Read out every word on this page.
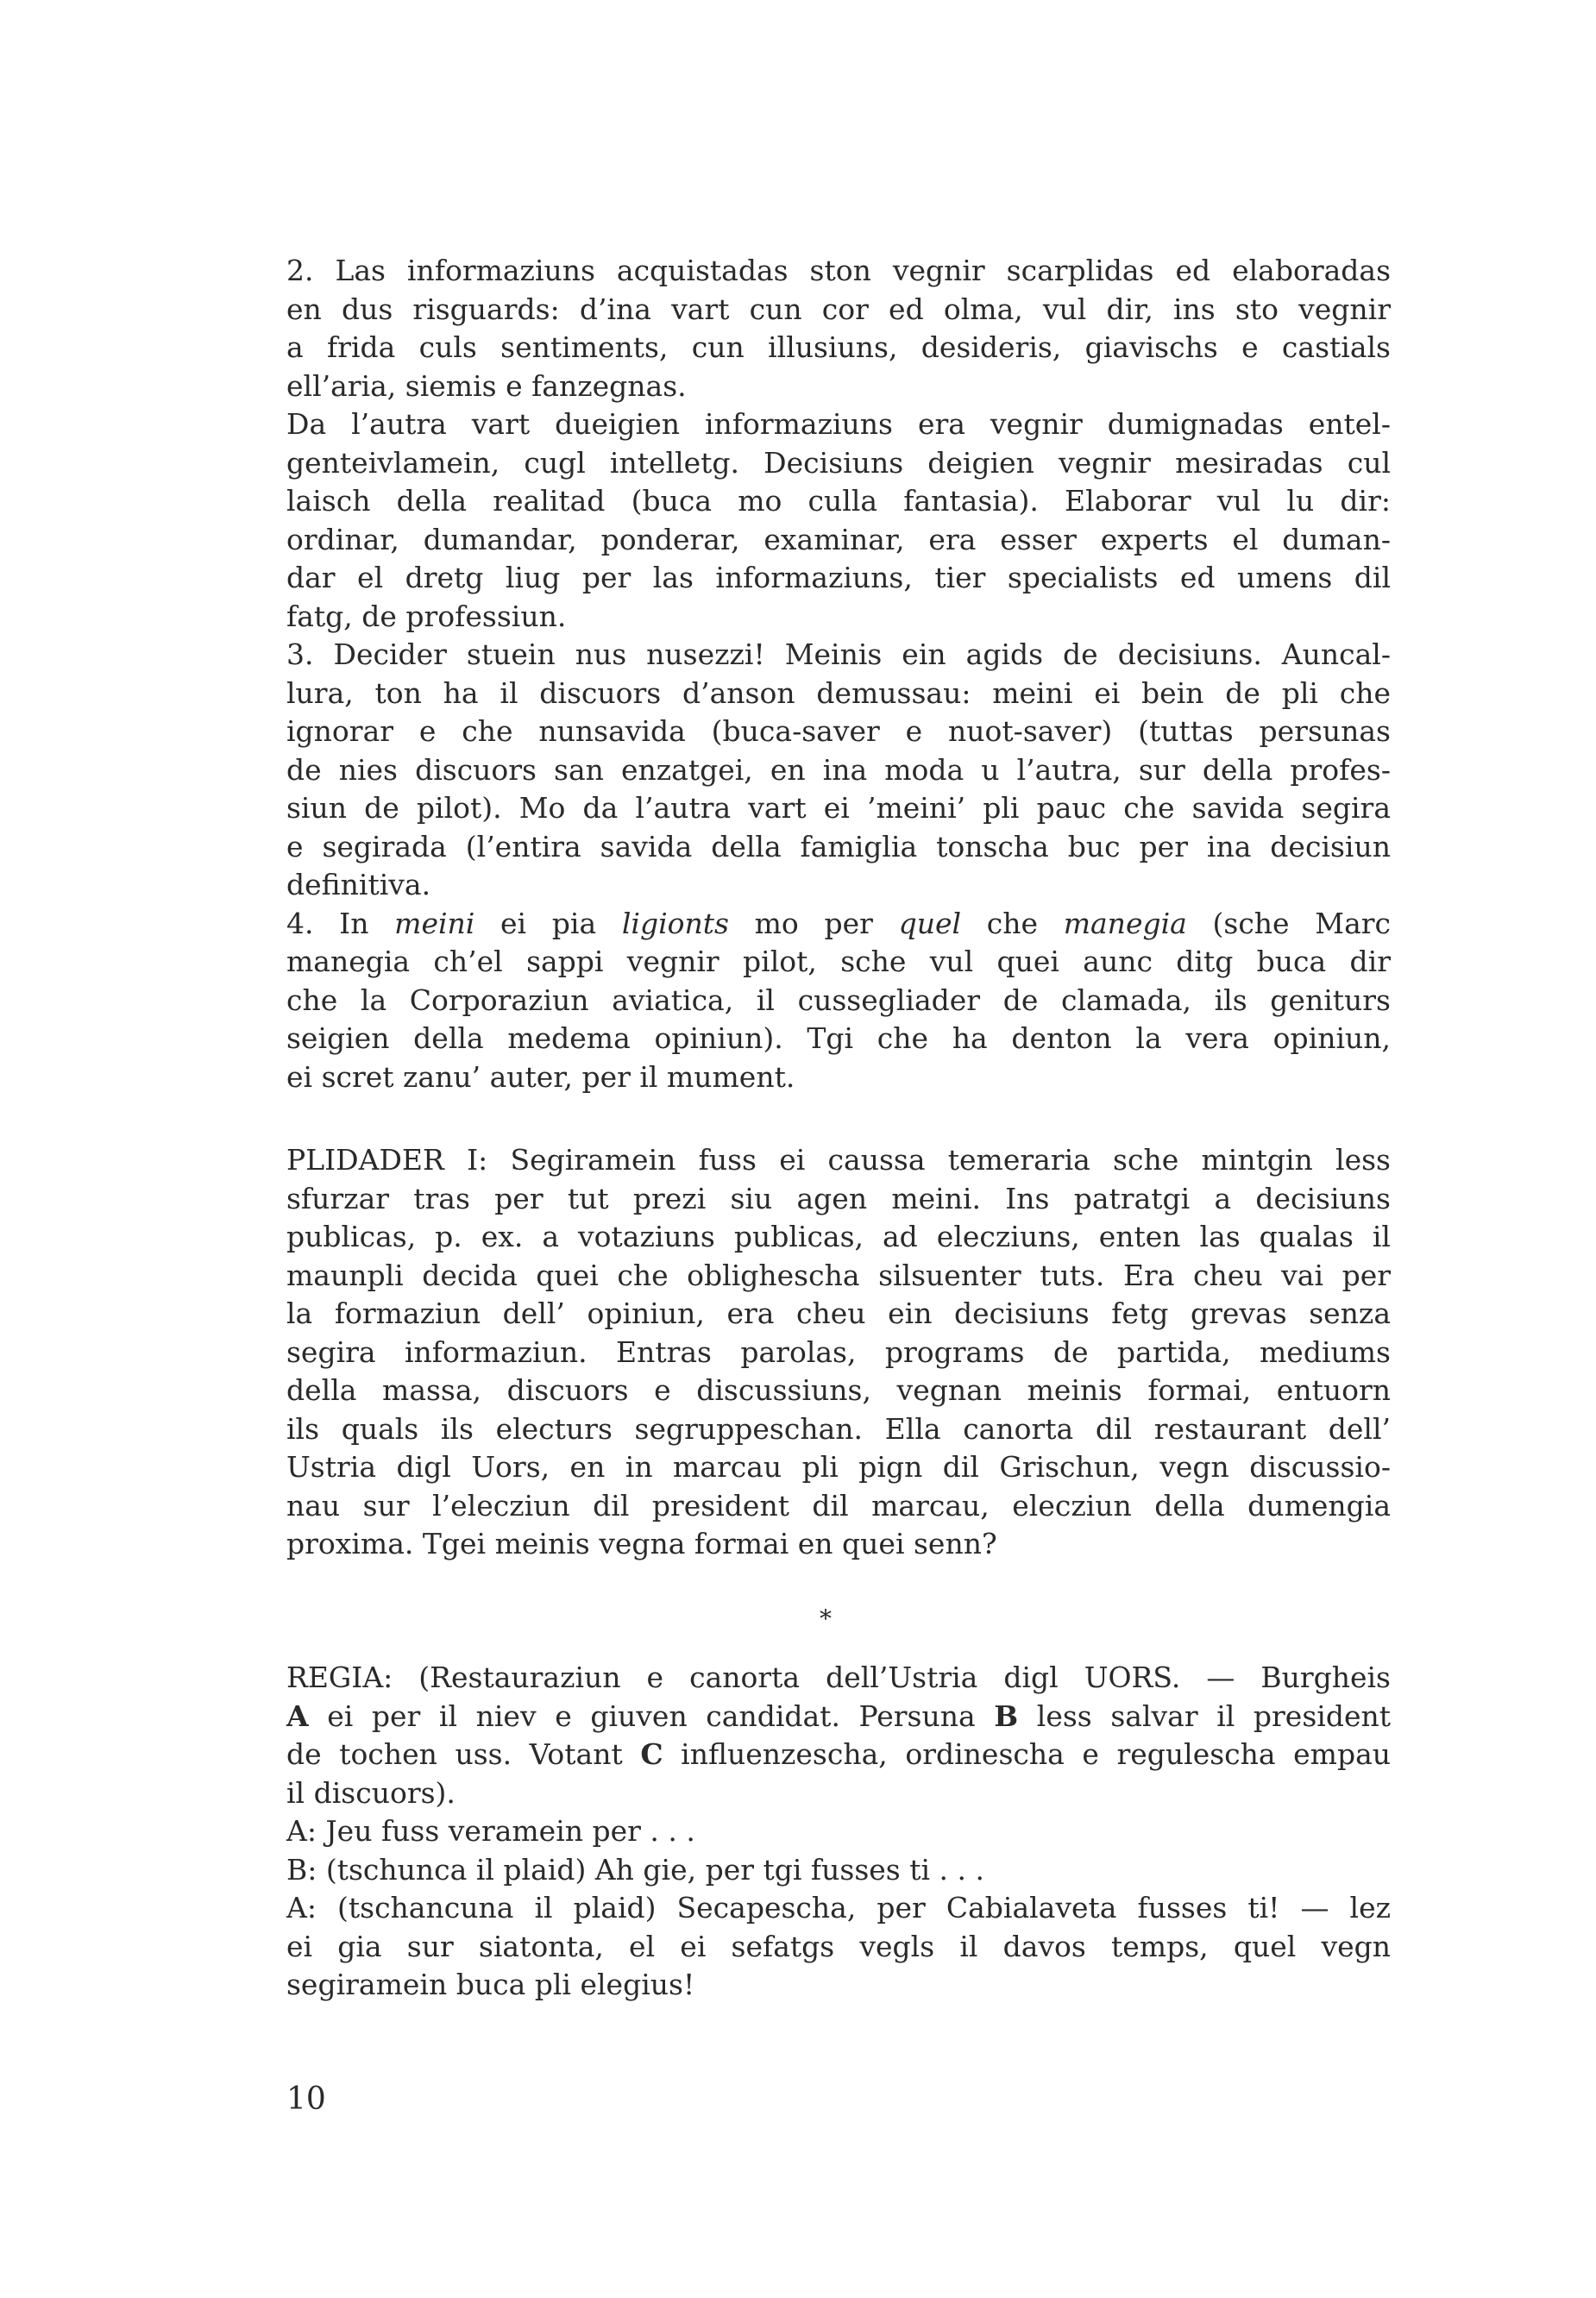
2. Las informaziuns acquistadas ston vegnir scarplidas ed elaboradas
en dus risguards: d’ina vart cun cor ed olma, vul dir, ins sto vegnir
a frida culs sentiments, cun illusiuns, desideris, giavischs e castials
ell’aria, siemis e fanzegnas.
Da l’autra vart dueigien informaziuns era vegnir dumignadas entel-
genteivlamein, cugl intelletg. Decisiuns deigien vegnir mesiradas cul
laisch della realitad (buca mo culla fantasia). Elaborar vul lu dir:
ordinar, dumandar, ponderar, examinar, era esser experts el duman-
dar el dretg liug per las informaziuns, tier specialists ed umens dil
fatg, de professiun.
3. Decider stuein nus nusezzi! Meinis ein agids de decisiuns. Auncal-
lura, ton ha il discuors d’anson demussau: meini ei bein de pli che
ignorar e che nunsavida (buca-saver e nuot-saver) (tuttas persunas
de nies discuors san enzatgei, en ina moda u l’autra, sur della profes-
siun de pilot). Mo da l’autra vart ei ’meini’ pli pauc che savida segira
e segirada (l’entira savida della famiglia tonscha buc per ina decisiun
definitiva.
4. In meini ei pia ligionts mo per quel che manegia (sche Marc
manegia ch’el sappi vegnir pilot, sche vul quei aunc ditg buca dir
che la Corporaziun aviatica, il cussegliader de clamada, ils geniturs
seigien della medema opiniun). Tgi che ha denton la vera opiniun,
ei scret zanu’ auter, per il mument.
PLIDADER I: Segiramein fuss ei caussa temeraria sche mintgin less
sfurzar tras per tut prezi siu agen meini. Ins patratgi a decisiuns
publicas, p. ex. a votaziuns publicas, ad elecziuns, enten las qualas il
maunpli decida quei che oblighescha silsuenter tuts. Era cheu vai per
la formaziun dell’ opiniun, era cheu ein decisiuns fetg grevas senza
segira informaziun. Entras parolas, programs de partida, mediums
della massa, discuors e discussiuns, vegnan meinis formai, entuorn
ils quals ils electurs segruppeschan. Ella canorta dil restaurant dell’
Ustria digl Uors, en in marcau pli pign dil Grischun, vegn discussio-
nau sur l’elecziun dil president dil marcau, elecziun della dumengia
proxima. Tgei meinis vegna formai en quei senn?
*
REGIA: (Restauraziun e canorta dell’Ustria digl UORS. — Burgheis
A ei per il niev e giuven candidat. Persuna B less salvar il president
de tochen uss. Votant C influenzescha, ordinescha e regulescha empau
il discuors).
A: Jeu fuss veramein per . . .
B: (tschunca il plaid) Ah gie, per tgi fusses ti . . .
A: (tschancuna il plaid) Secapescha, per Cabialaveta fusses ti! — lez
ei gia sur siatonta, el ei sefatgs vegls il davos temps, quel vegn
segiramein buca pli elegius!
10
